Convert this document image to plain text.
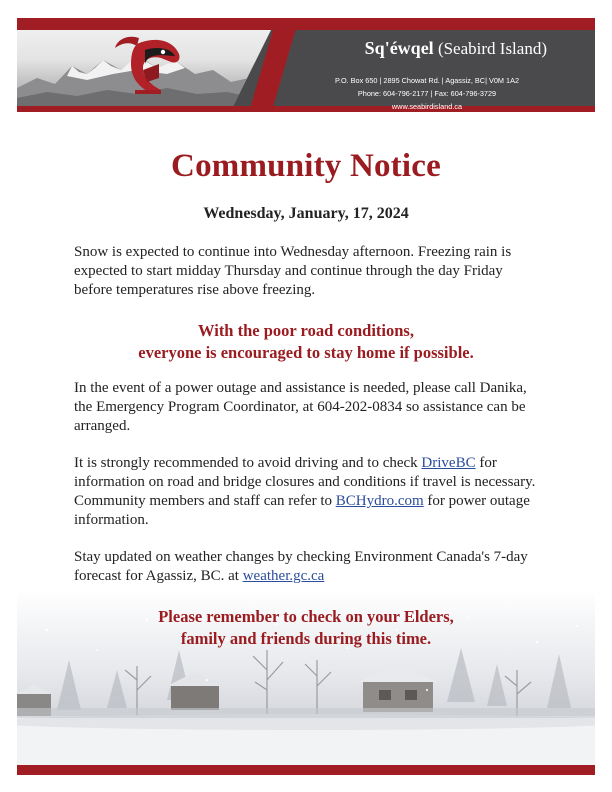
Sq'éwqel (Seabird Island)
P.O. Box 650 | 2895 Chowat Rd. | Agassiz, BC| V0M 1A2
Phone: 604-796-2177 | Fax: 604-796-3729
www.seabirdisland.ca
Community Notice
Wednesday, January, 17, 2024
Snow is expected to continue into Wednesday afternoon. Freezing rain is expected to start midday Thursday and continue through the day Friday before temperatures rise above freezing.
With the poor road conditions,
everyone is encouraged to stay home if possible.
In the event of a power outage and assistance is needed, please call Danika, the Emergency Program Coordinator, at 604-202-0834 so assistance can be arranged.
It is strongly recommended to avoid driving and to check DriveBC for information on road and bridge closures and conditions if travel is necessary. Community members and staff can refer to BCHydro.com for power outage information.
Stay updated on weather changes by checking Environment Canada's 7-day forecast for Agassiz, BC. at weather.gc.ca
Please remember to check on your Elders,
family and friends during this time.
